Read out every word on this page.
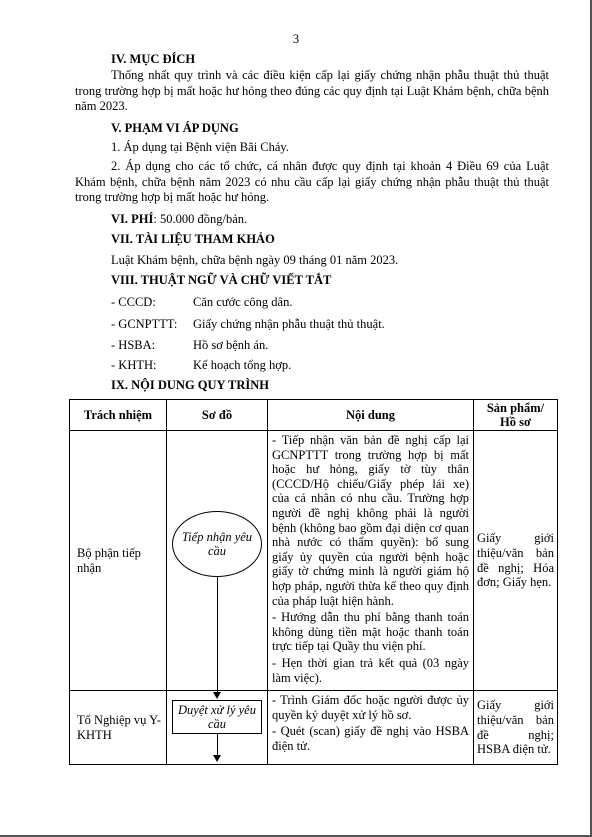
3
IV. MỤC ĐÍCH
Thống nhất quy trình và các điều kiện cấp lại giấy chứng nhận phẫu thuật thủ thuật trong trường hợp bị mất hoặc hư hỏng theo đúng các quy định tại Luật Khám bệnh, chữa bệnh năm 2023.
V. PHẠM VI ÁP DỤNG
1. Áp dụng tại Bệnh viện Bãi Cháy.
2. Áp dụng cho các tổ chức, cá nhân được quy định tại khoản 4 Điều 69 của Luật Khám bệnh, chữa bệnh năm 2023 có nhu cầu cấp lại giấy chứng nhận phẫu thuật thủ thuật trong trường hợp bị mất hoặc hư hỏng.
VI. PHÍ: 50.000 đồng/bản.
VII. TÀI LIỆU THAM KHẢO
Luật Khám bệnh, chữa bệnh ngày 09 tháng 01 năm 2023.
VIII. THUẬT NGỮ VÀ CHỮ VIẾT TẮT
- CCCD:	Căn cước công dân.
- GCNPTTT: Giấy chứng nhận phẫu thuật thủ thuật.
- HSBA:	Hồ sơ bệnh án.
- KHTH:	Kế hoạch tổng hợp.
IX. NỘI DUNG QUY TRÌNH
Trách nhiệm	Sơ đồ	Nội dung	Sản phẩm/
Hồ sơ
Bộ phận tiếp nhận	Tiếp nhận yêu cầu	- Tiếp nhận văn bản đề nghị cấp lại GCNPTTT trong trường hợp bị mất hoặc hư hỏng, giấy tờ tùy thân (CCCD/Hộ chiếu/Giấy phép lái xe) của cá nhân có nhu cầu. Trường hợp người đề nghị không phải là người bệnh (không bao gồm đại diện cơ quan nhà nước có thẩm quyền): bổ sung giấy ủy quyền của người bệnh hoặc giấy tờ chứng minh là người giám hộ hợp pháp, người thừa kế theo quy định của pháp luật hiện hành.

- Hướng dẫn thu phí bằng thanh toán không dùng tiền mặt hoặc thanh toán trực tiếp tại Quầy thu viện phí.

- Hẹn thời gian trả kết quả (03 ngày làm việc).	Giấy giới thiệu/văn bản đề nghị; Hóa đơn; Giấy hẹn.
Tổ Nghiệp vụ Y- KHTH	Duyệt xử lý yêu cầu	- Trình Giám đốc hoặc người được ủy quyền ký duyệt xử lý hồ sơ.

- Quét (scan) giấy đề nghị vào HSBA điện tử.	Giấy giới thiệu/văn bản đề nghị; HSBA điện tử.
